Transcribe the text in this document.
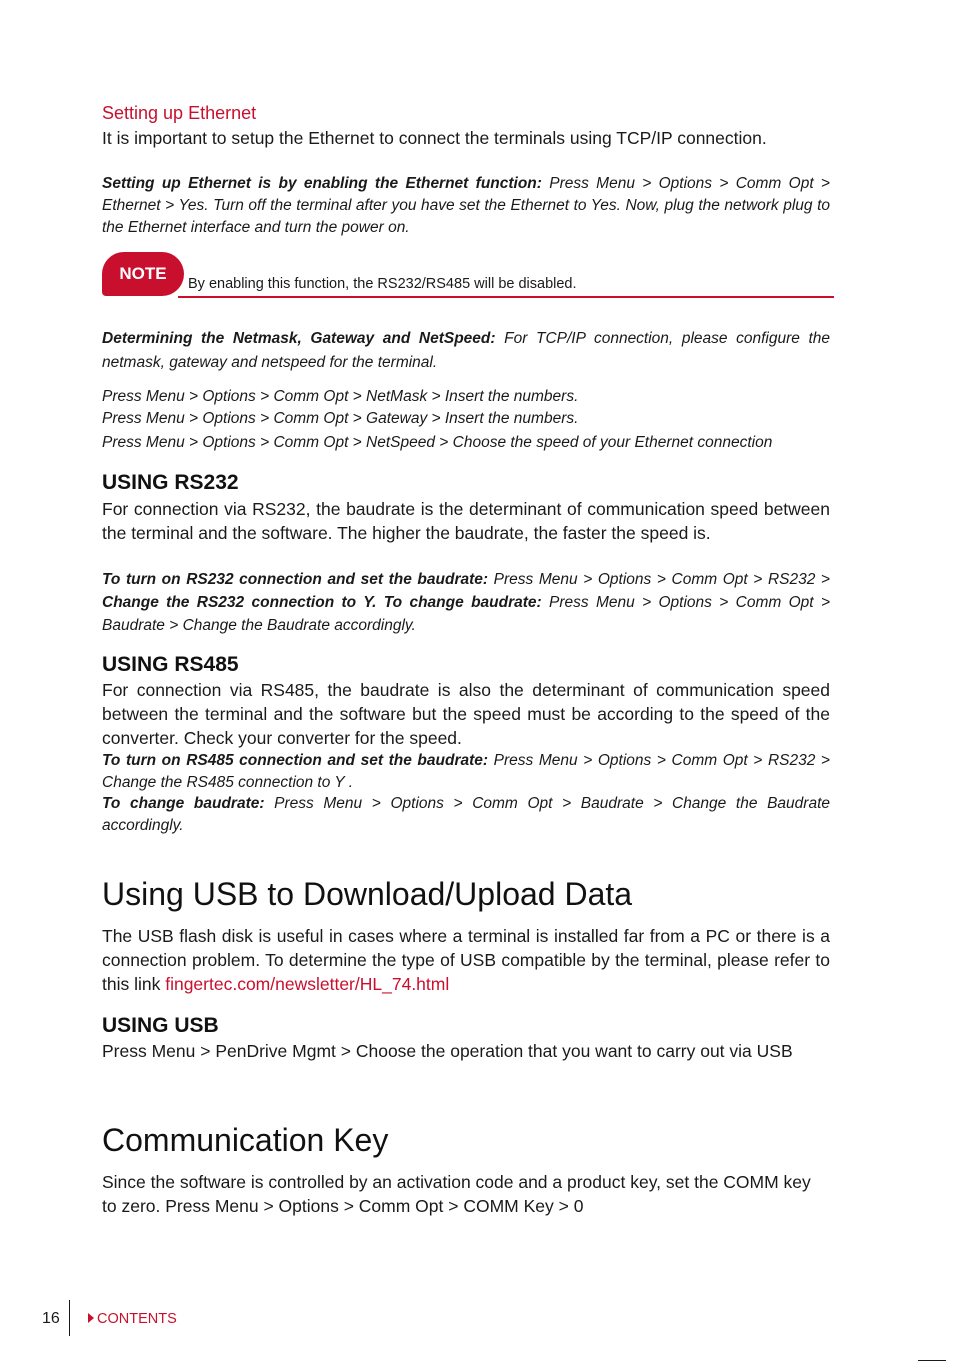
Setting up Ethernet
It is important to setup the Ethernet to connect the terminals using TCP/IP connection.
Setting up Ethernet is by enabling the Ethernet function: Press Menu > Options > Comm Opt > Ethernet > Yes. Turn off the terminal after you have set the Ethernet to Yes. Now, plug the network plug to the Ethernet interface and turn the power on.
NOTE
By enabling this function, the RS232/RS485 will be disabled.
Determining the Netmask, Gateway and NetSpeed: For TCP/IP connection, please configure the netmask, gateway and netspeed for the terminal.
Press Menu > Options > Comm Opt > NetMask > Insert the numbers.
Press Menu > Options > Comm Opt > Gateway > Insert the numbers.
Press Menu > Options > Comm Opt > NetSpeed > Choose the speed of your Ethernet connection
USING RS232
For connection via RS232, the baudrate is the determinant of communication speed between the terminal and the software. The higher the baudrate, the faster the speed is.
To turn on RS232 connection and set the baudrate: Press Menu > Options > Comm Opt > RS232 > Change the RS232 connection to Y. To change baudrate: Press Menu > Options > Comm Opt > Baudrate > Change the Baudrate accordingly.
USING RS485
For connection via RS485, the baudrate is also the determinant of communication speed between the terminal and the software but the speed must be according to the speed of the converter. Check your converter for the speed.
To turn on RS485 connection and set the baudrate: Press Menu > Options > Comm Opt > RS232 > Change the RS485 connection to Y .
To change baudrate: Press Menu > Options > Comm Opt > Baudrate > Change the Baudrate accordingly.
Using USB to Download/Upload Data
The USB flash disk is useful in cases where a terminal is installed far from a PC or there is a connection problem. To determine the type of USB compatible by the terminal, please refer to this link fingertec.com/newsletter/HL_74.html
USING USB
Press Menu > PenDrive Mgmt > Choose the operation that you want to carry out via USB
Communication Key
Since the software is controlled by an activation code and a product key, set the COMM key to zero. Press Menu > Options > Comm Opt > COMM Key > 0
16	CONTENTS
